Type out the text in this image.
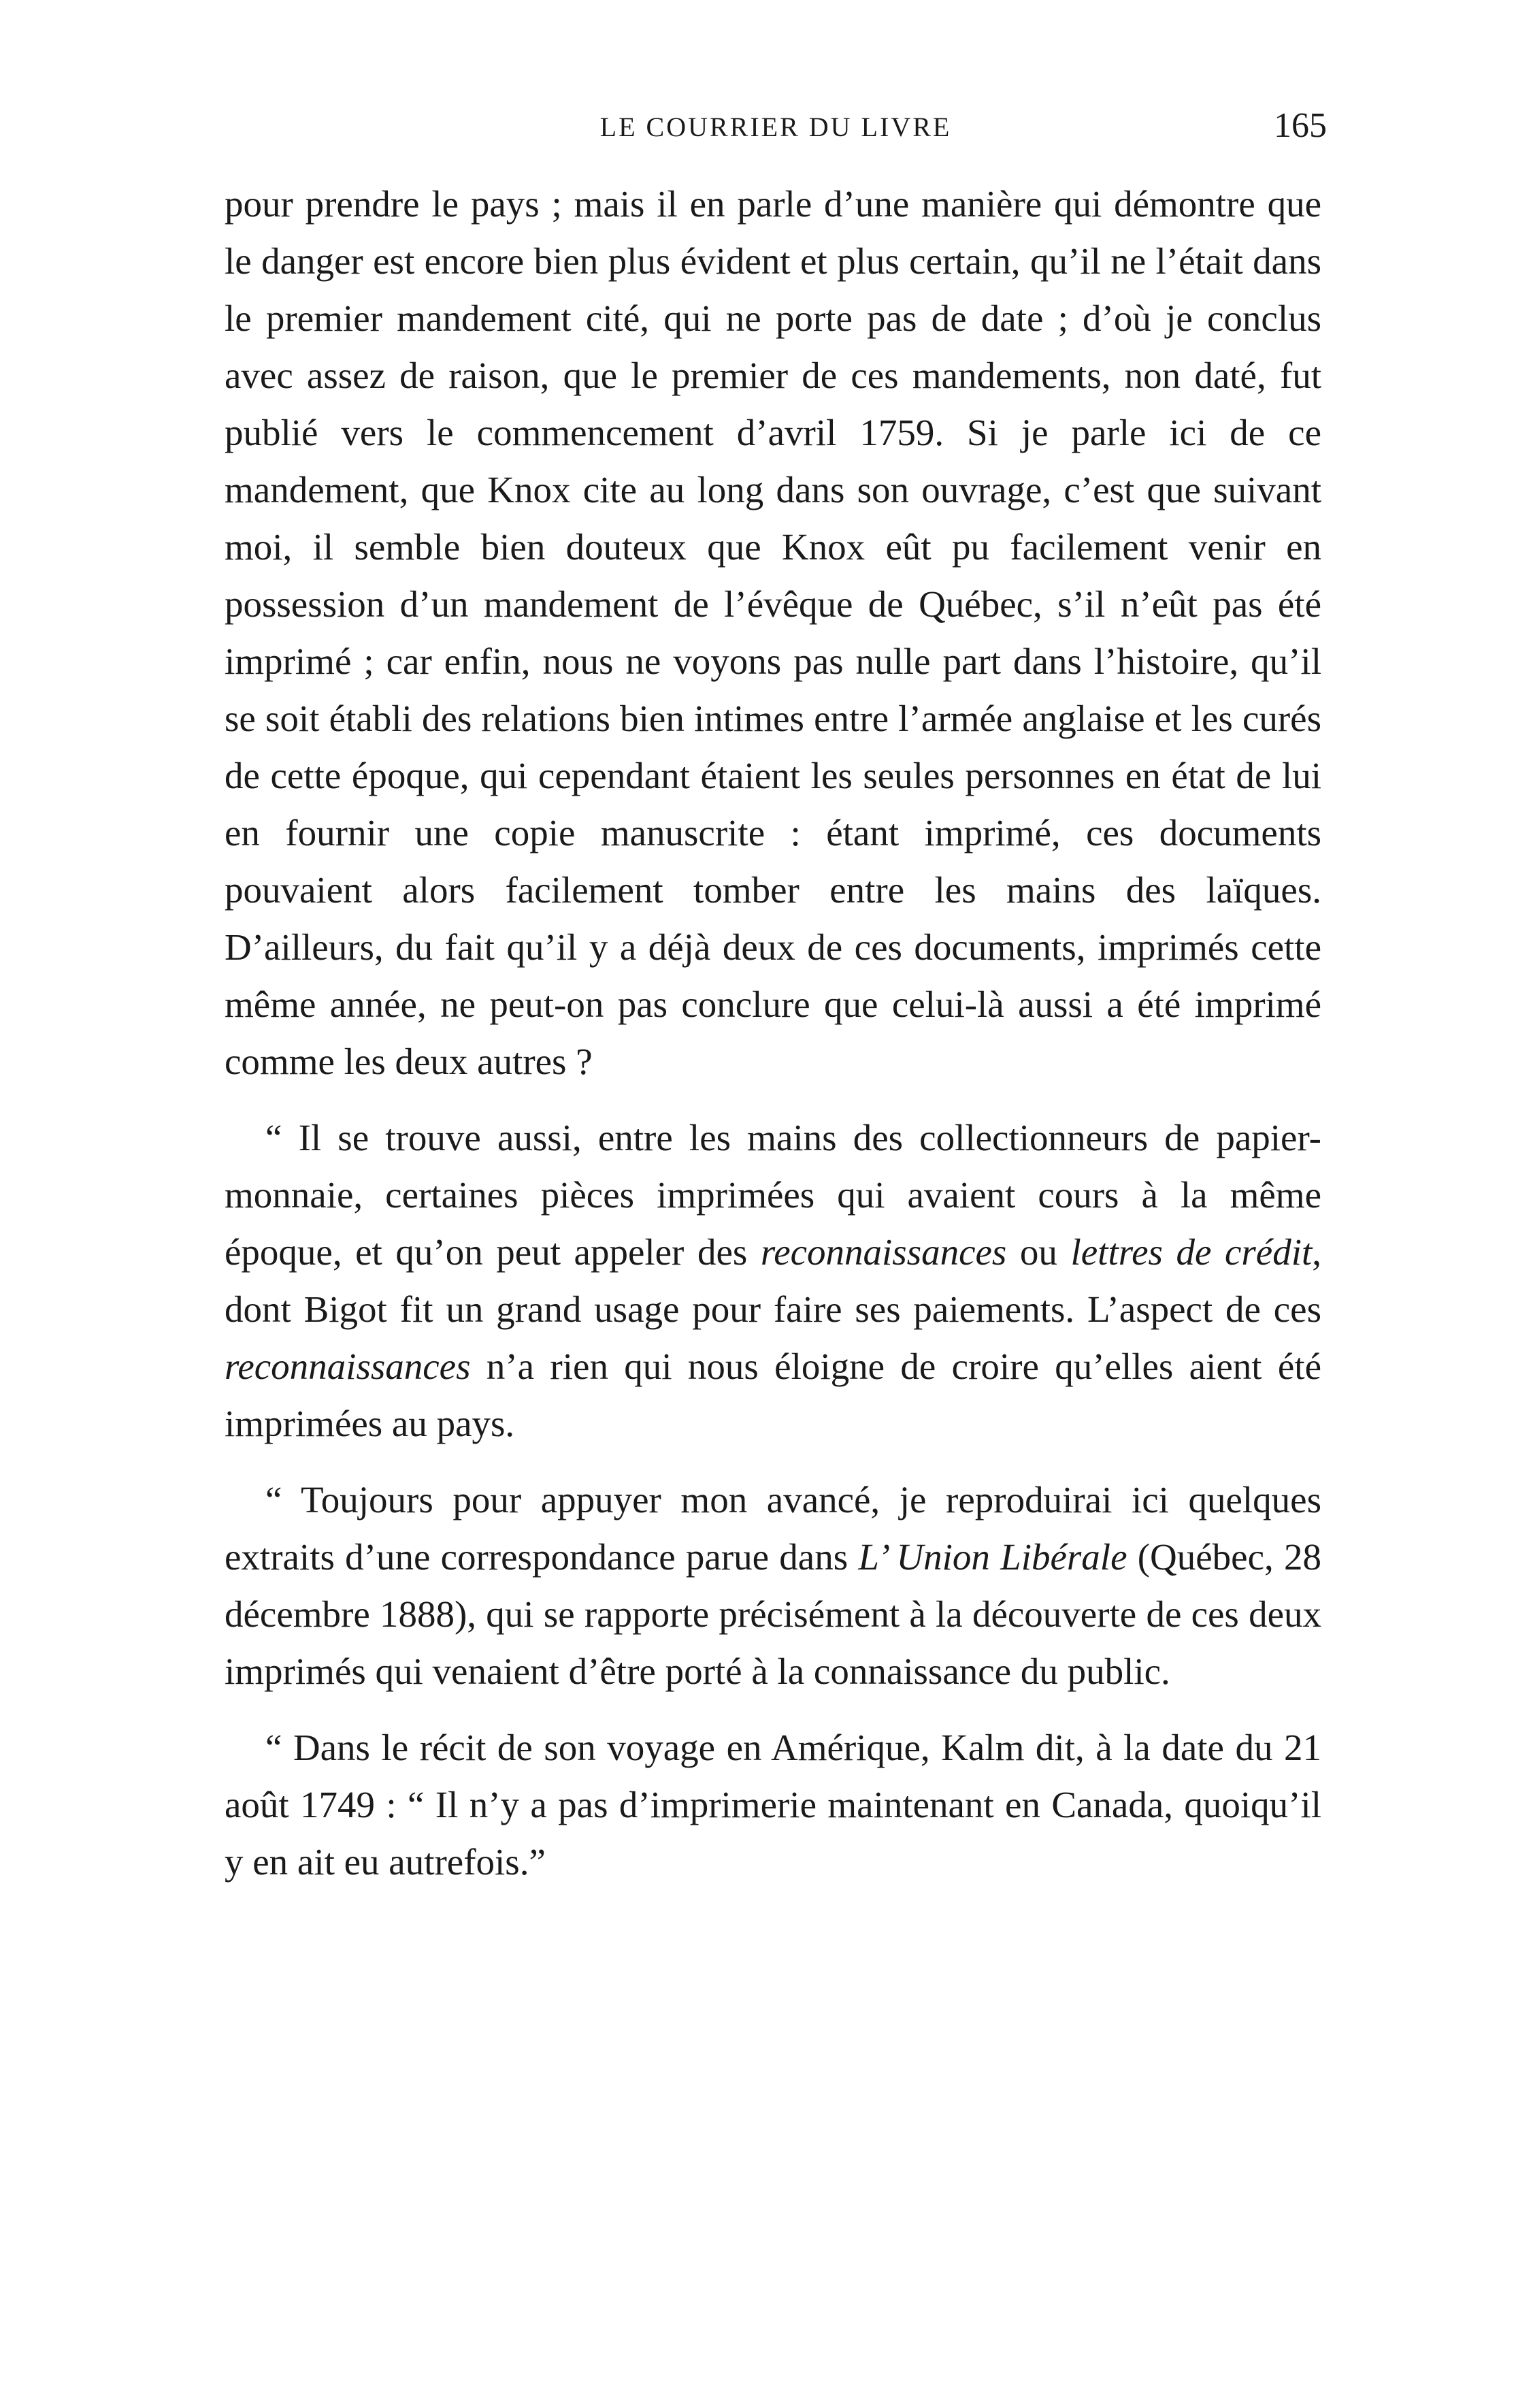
LE COURRIER DU LIVRE	165

pour prendre le pays ; mais il en parle d’une manière qui démontre que le danger est encore bien plus évident et plus certain, qu’il ne l’était dans le premier mandement cité, qui ne porte pas de date ; d’où je conclus avec assez de raison, que le premier de ces mandements, non daté, fut publié vers le commencement d’avril 1759. Si je parle ici de ce mandement, que Knox cite au long dans son ouvrage, c’est que suivant moi, il semble bien douteux que Knox eût pu facilement venir en possession d’un mandement de l’évêque de Québec, s’il n’eût pas été imprimé ; car enfin, nous ne voyons pas nulle part dans l’histoire, qu’il se soit établi des relations bien intimes entre l’armée anglaise et les curés de cette époque, qui cependant étaient les seules personnes en état de lui en fournir une copie manuscrite : étant imprimé, ces documents pouvaient alors facilement tomber entre les mains des laïques. D’ailleurs, du fait qu’il y a déjà deux de ces documents, imprimés cette même année, ne peut-on pas conclure que celui-là aussi a été imprimé comme les deux autres ?

“ Il se trouve aussi, entre les mains des collectionneurs de papier-monnaie, certaines pièces imprimées qui avaient cours à la même époque, et qu’on peut appeler des reconnaissances ou lettres de crédit, dont Bigot fit un grand usage pour faire ses paiements. L’aspect de ces reconnaissances n’a rien qui nous éloigne de croire qu’elles aient été imprimées au pays.

“ Toujours pour appuyer mon avancé, je reproduirai ici quelques extraits d’une correspondance parue dans L’ Union Libérale (Québec, 28 décembre 1888), qui se rapporte précisément à la découverte de ces deux imprimés qui venaient d’être porté à la connaissance du public.

“ Dans le récit de son voyage en Amérique, Kalm dit, à la date du 21 août 1749 : “ Il n’y a pas d’imprimerie maintenant en Canada, quoiqu’il y en ait eu autrefois.”
